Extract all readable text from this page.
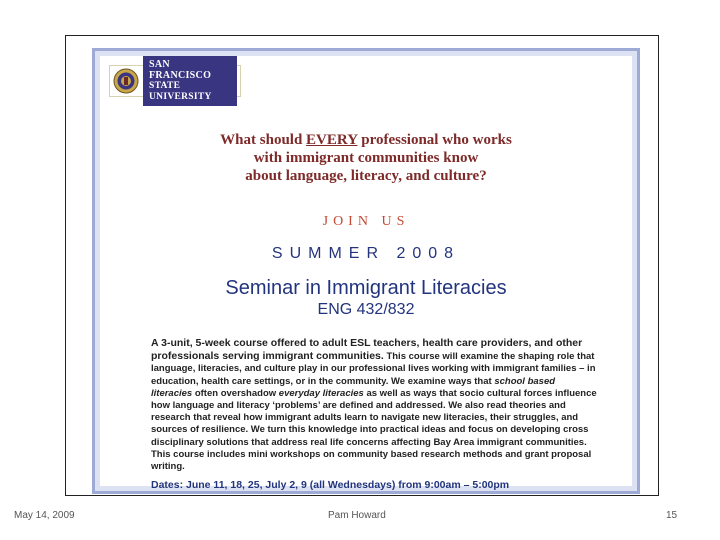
SAN FRANCISCO
STATE UNIVERSITY
What should EVERY professional who works
with immigrant communities know
about language, literacy, and culture?
JOIN US
SUMMER 2008
Seminar in Immigrant Literacies
ENG 432/832
A 3-unit, 5-week course offered to adult ESL teachers, health care providers, and other professionals serving immigrant communities. This course will examine the shaping role that language, literacies, and culture play in our professional lives working with immigrant families – in education, health care settings, or in the community. We examine ways that school based literacies often overshadow everyday literacies as well as ways that socio cultural forces influence how language and literacy ‘problems’ are defined and addressed. We also read theories and research that reveal how immigrant adults learn to navigate new literacies, their struggles, and sources of resilience. We turn this knowledge into practical ideas and focus on developing cross disciplinary solutions that address real life concerns affecting Bay Area immigrant communities. This course includes mini workshops on community based research methods and grant proposal writing.
Dates: June 11, 18, 25, July 2, 9 (all Wednesdays) from 9:00am – 5:00pm
May 14, 2009	Pam Howard	15
